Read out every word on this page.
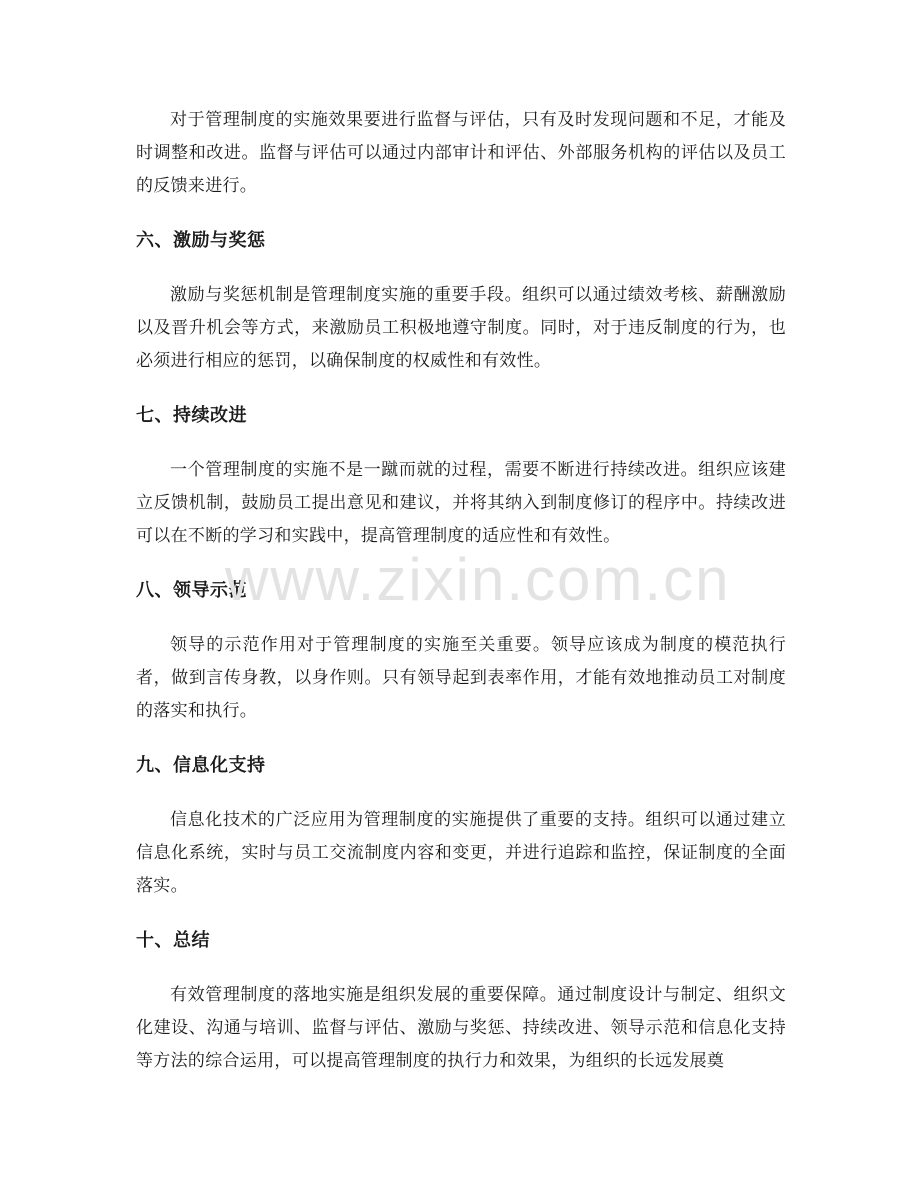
对于管理制度的实施效果要进行监督与评估，只有及时发现问题和不足，才能及时调整和改进。监督与评估可以通过内部审计和评估、外部服务机构的评估以及员工的反馈来进行。

六、激励与奖惩

激励与奖惩机制是管理制度实施的重要手段。组织可以通过绩效考核、薪酬激励以及晋升机会等方式，来激励员工积极地遵守制度。同时，对于违反制度的行为，也必须进行相应的惩罚，以确保制度的权威性和有效性。

七、持续改进

一个管理制度的实施不是一蹴而就的过程，需要不断进行持续改进。组织应该建立反馈机制，鼓励员工提出意见和建议，并将其纳入到制度修订的程序中。持续改进可以在不断的学习和实践中，提高管理制度的适应性和有效性。

八、领导示范

领导的示范作用对于管理制度的实施至关重要。领导应该成为制度的模范执行者，做到言传身教，以身作则。只有领导起到表率作用，才能有效地推动员工对制度的落实和执行。

九、信息化支持

信息化技术的广泛应用为管理制度的实施提供了重要的支持。组织可以通过建立信息化系统，实时与员工交流制度内容和变更，并进行追踪和监控，保证制度的全面落实。

十、总结

有效管理制度的落地实施是组织发展的重要保障。通过制度设计与制定、组织文化建设、沟通与培训、监督与评估、激励与奖惩、持续改进、领导示范和信息化支持等方法的综合运用，可以提高管理制度的执行力和效果，为组织的长远发展奠

www.zixin.com.cn
